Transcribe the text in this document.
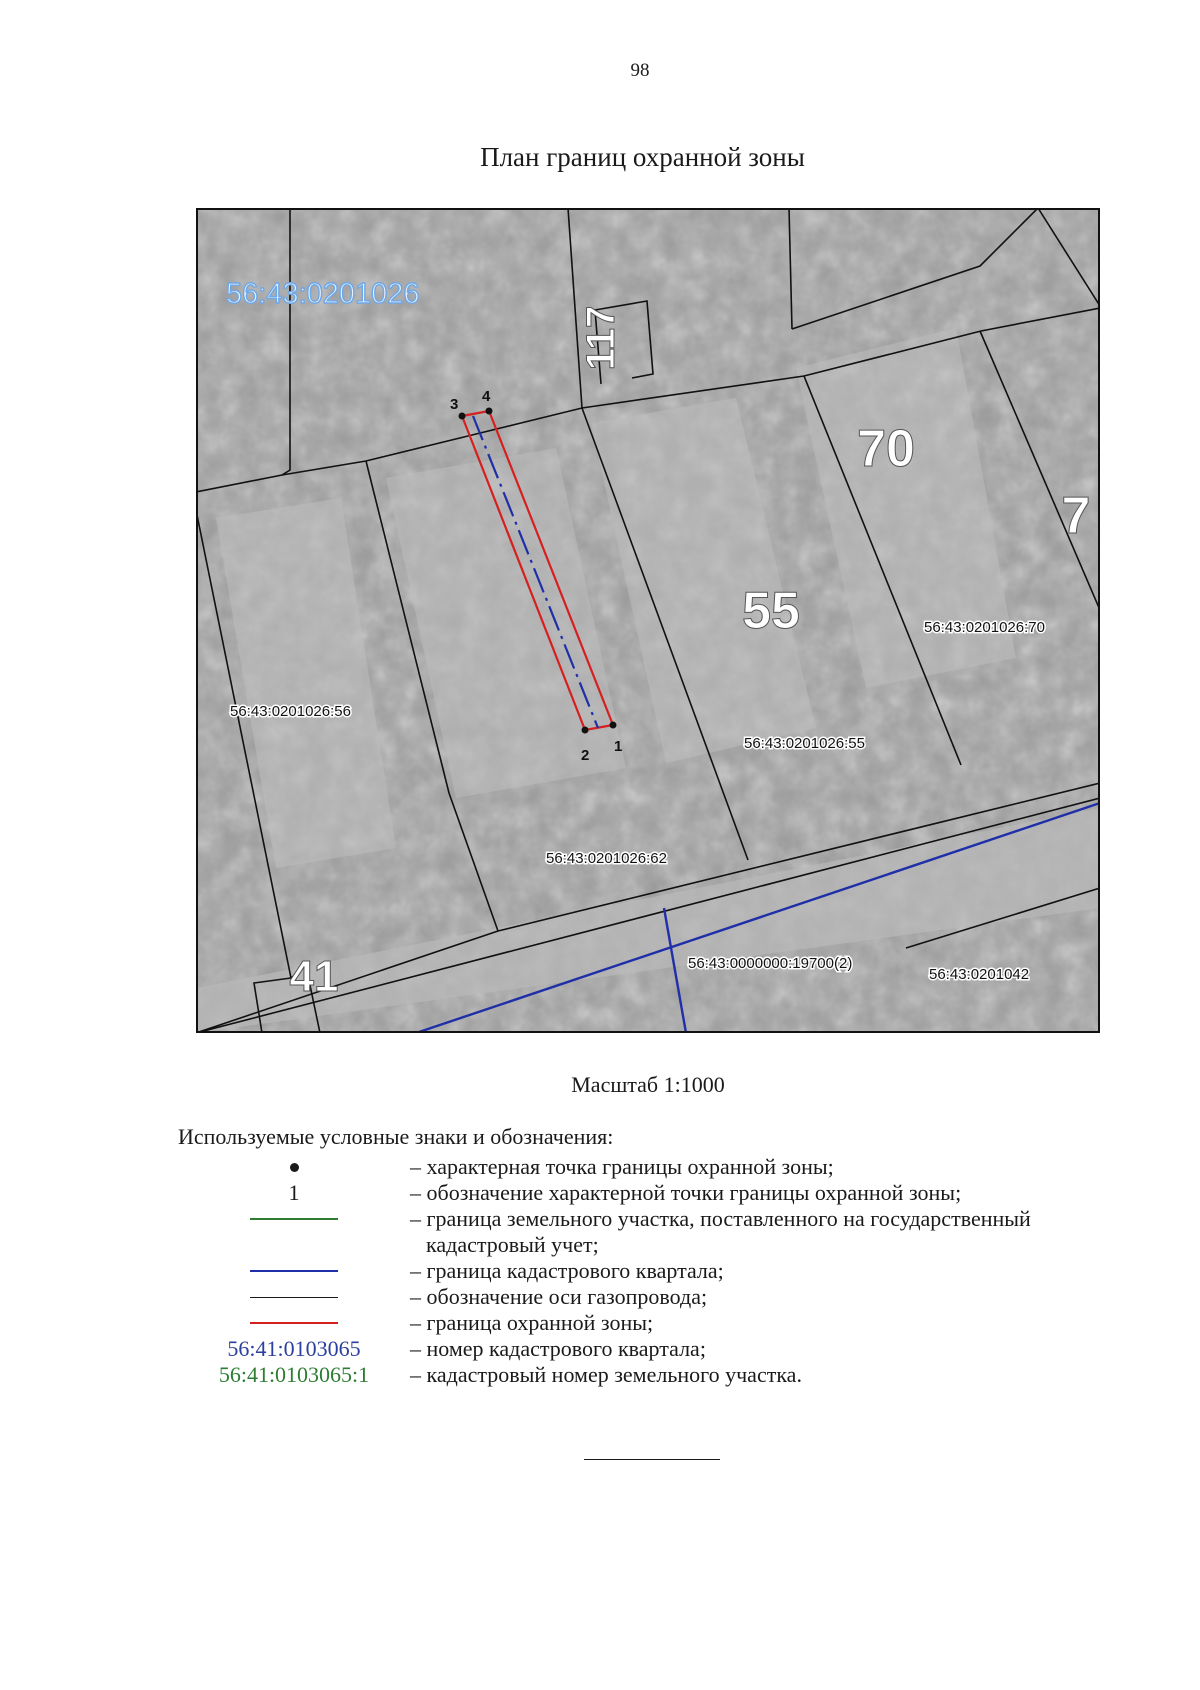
98
План границ охранной зоны
3 4
1
2
117
70
55
41
7
56:43:0201026
56:43:0201026:56
56:43:0201026:62
56:43:0201026:55
56:43:0201026:70
56:43:0000000:19700(2)
56:43:0201042
Масштаб 1:1000
Используемые условные знаки и обозначения:
– характерная точка границы охранной зоны;
1	– обозначение характерной точки границы охранной зоны;
– граница земельного участка, поставленного на государственный
кадастровый учет;
– граница кадастрового квартала;
– обозначение оси газопровода;
– граница охранной зоны;
56:41:0103065 – номер кадастрового квартала;
56:41:0103065:1 – кадастровый номер земельного участка.
